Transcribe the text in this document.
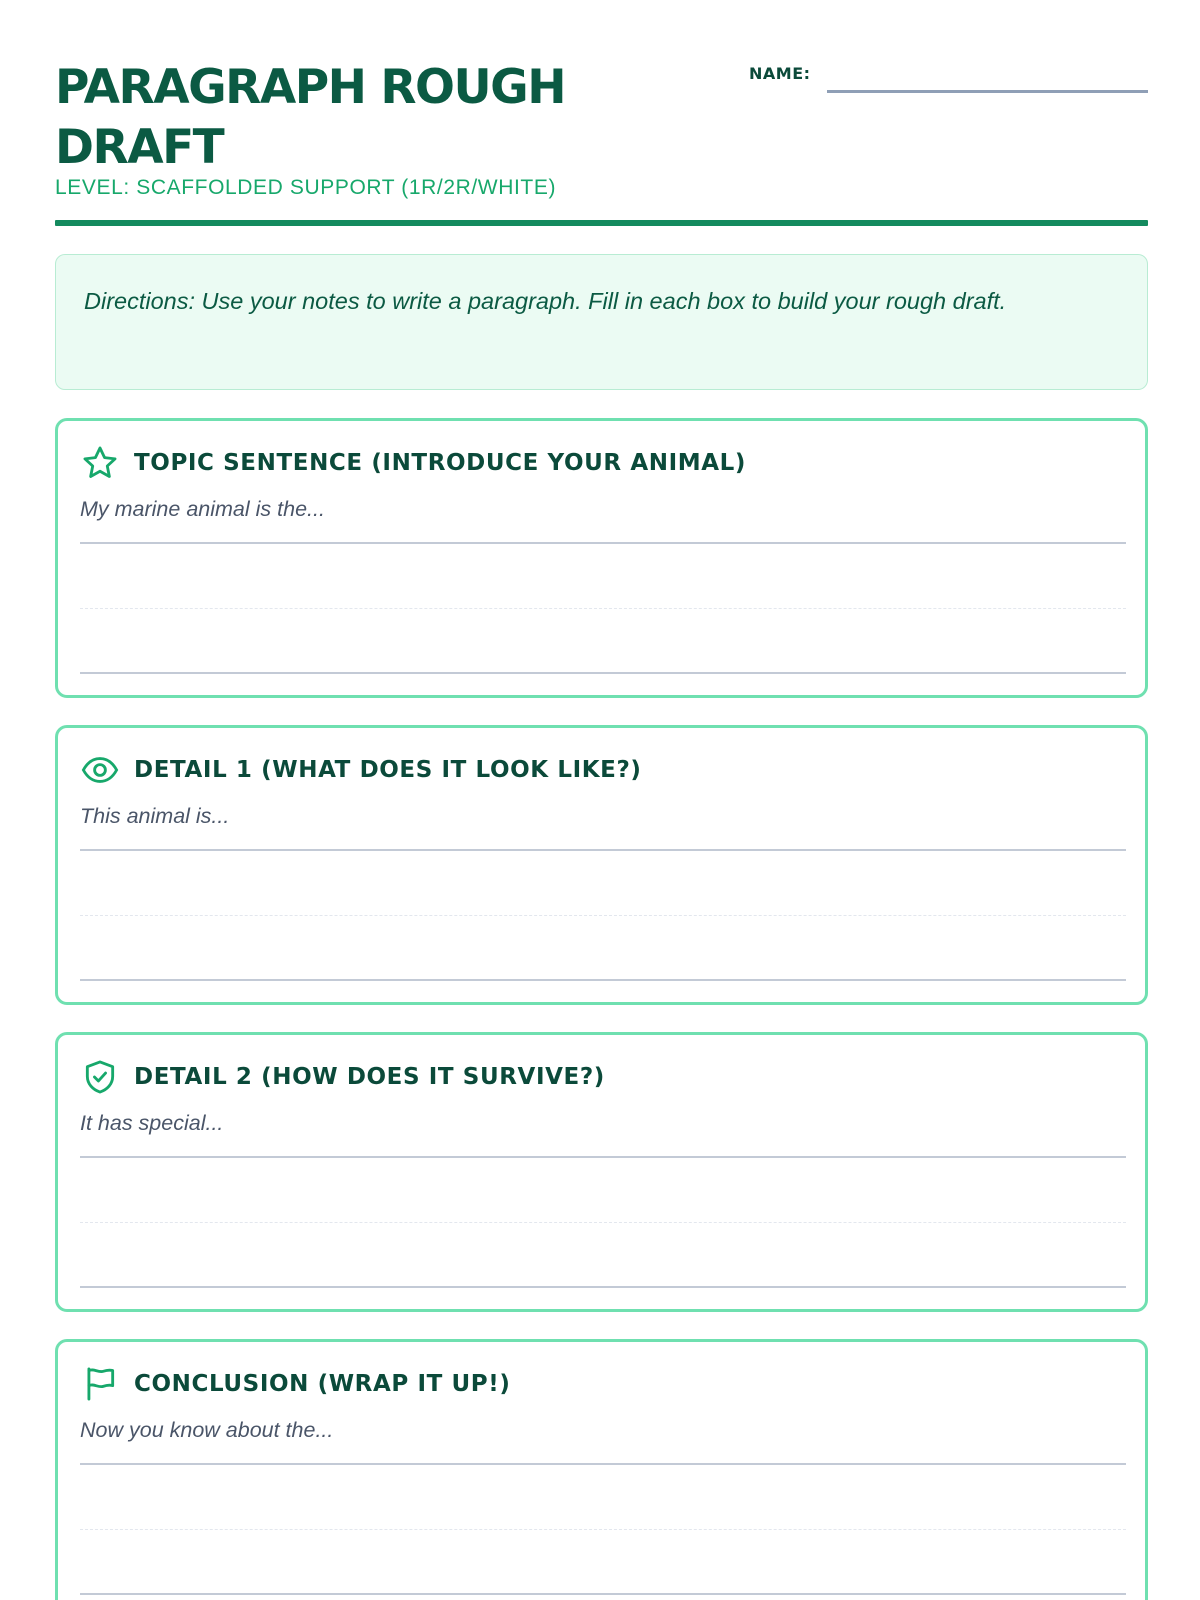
PARAGRAPH ROUGH DRAFT
LEVEL: SCAFFOLDED SUPPORT (1R/2R/WHITE)
NAME:
Directions: Use your notes to write a paragraph. Fill in each box to build your rough draft.
TOPIC SENTENCE (INTRODUCE YOUR ANIMAL)
My marine animal is the...
DETAIL 1 (WHAT DOES IT LOOK LIKE?)
This animal is...
DETAIL 2 (HOW DOES IT SURVIVE?)
It has special...
CONCLUSION (WRAP IT UP!)
Now you know about the...
